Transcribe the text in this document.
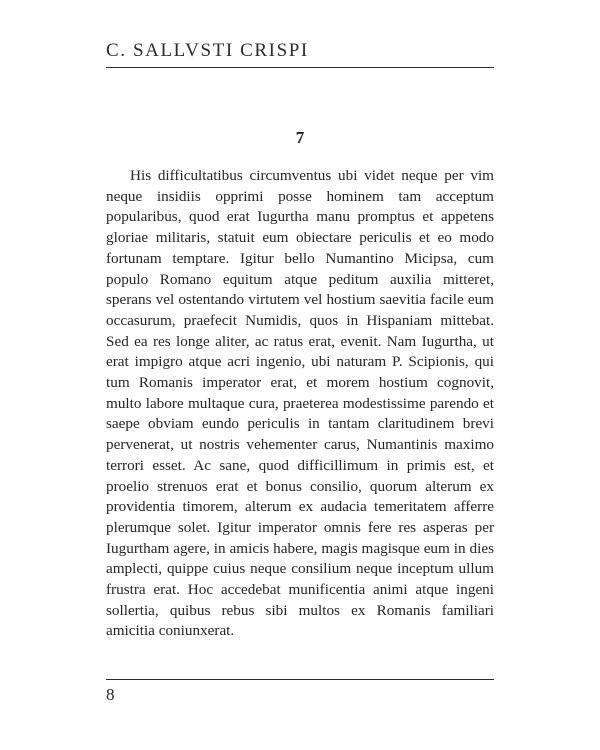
C. SALLVSTI CRISPI
7

His difficultatibus circumventus ubi videt neque per vim neque insidiis opprimi posse hominem tam acceptum popularibus, quod erat Iugurtha manu promptus et appetens gloriae militaris, statuit eum obiectare periculis et eo modo fortunam temptare. Igitur bello Numantino Micipsa, cum populo Romano equitum atque peditum auxilia mitteret, sperans vel ostentando virtutem vel hostium saevitia facile eum occasurum, praefecit Numidis, quos in Hispaniam mittebat. Sed ea res longe aliter, ac ratus erat, evenit. Nam Iugurtha, ut erat impigro atque acri ingenio, ubi naturam P. Scipionis, qui tum Romanis imperator erat, et morem hostium cognovit, multo labore multaque cura, praeterea modestissime parendo et saepe obviam eundo periculis in tantam claritudinem brevi pervenerat, ut nostris vehementer carus, Numantinis maximo terrori esset. Ac sane, quod difficillimum in primis est, et proelio strenuos erat et bonus consilio, quorum alterum ex providentia timorem, alterum ex audacia temeritatem afferre plerumque solet. Igitur imperator omnis fere res asperas per Iugurtham agere, in amicis habere, magis magisque eum in dies amplecti, quippe cuius neque consilium neque inceptum ullum frustra erat. Hoc accedebat munificentia animi atque ingeni sollertia, quibus rebus sibi multos ex Romanis familiari amicitia coniunxerat.

8
